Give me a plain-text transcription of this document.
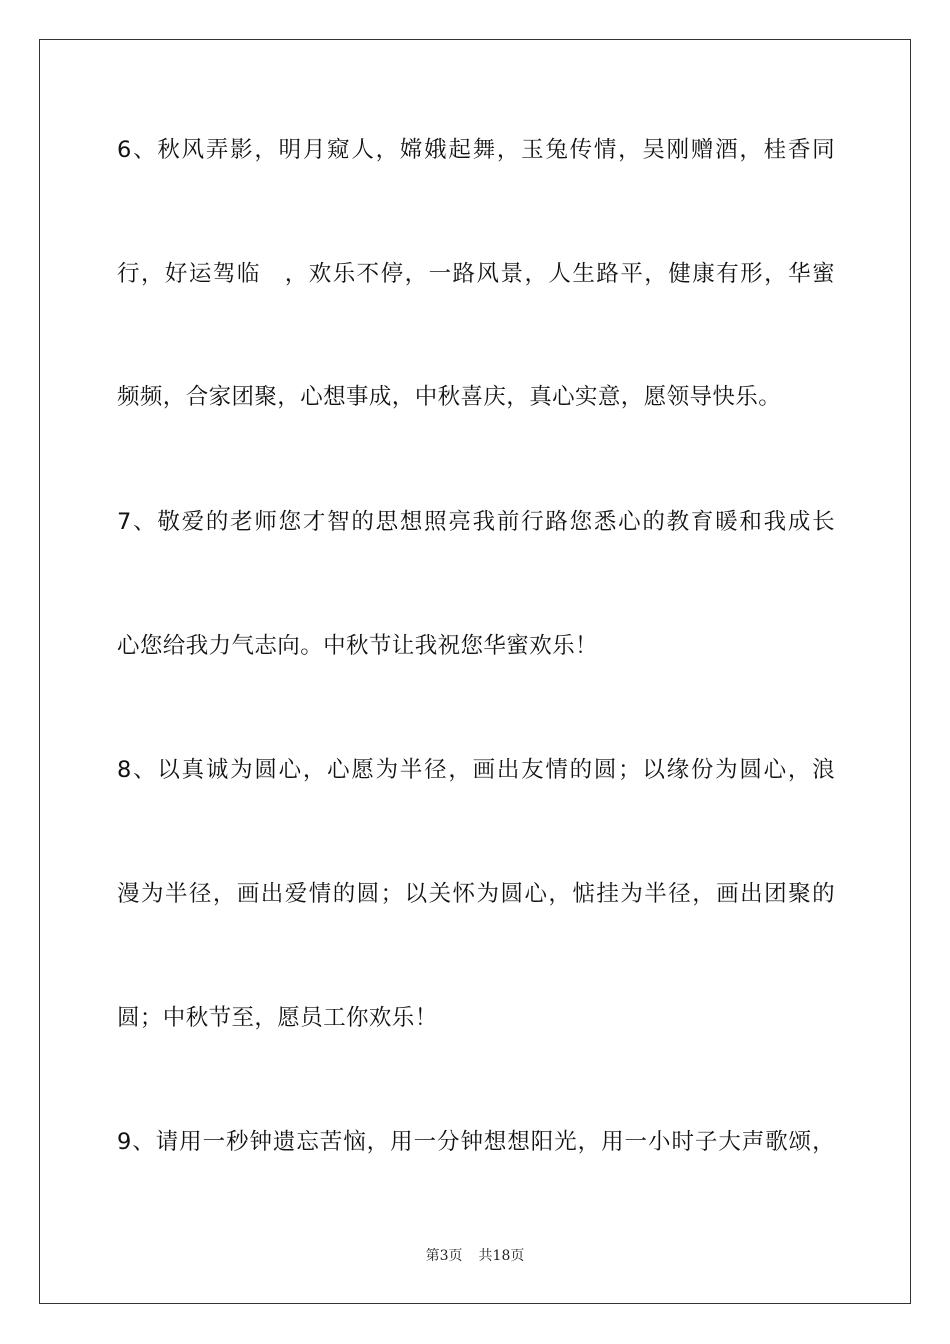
6、秋风弄影，明月窥人，嫦娥起舞，玉兔传情，吴刚赠酒，桂香同
行，好运驾临　，欢乐不停，一路风景，人生路平，健康有形，华蜜
频频，合家团聚，心想事成，中秋喜庆，真心实意，愿领导快乐。
7、敬爱的老师您才智的思想照亮我前行路您悉心的教育暖和我成长
心您给我力气志向。中秋节让我祝您华蜜欢乐！
8、以真诚为圆心，心愿为半径，画出友情的圆；以缘份为圆心，浪
漫为半径，画出爱情的圆；以关怀为圆心，惦挂为半径，画出团聚的
圆；中秋节至，愿员工你欢乐！
9、请用一秒钟遗忘苦恼，用一分钟想想阳光，用一小时子大声歌颂，
第3页 共18页
